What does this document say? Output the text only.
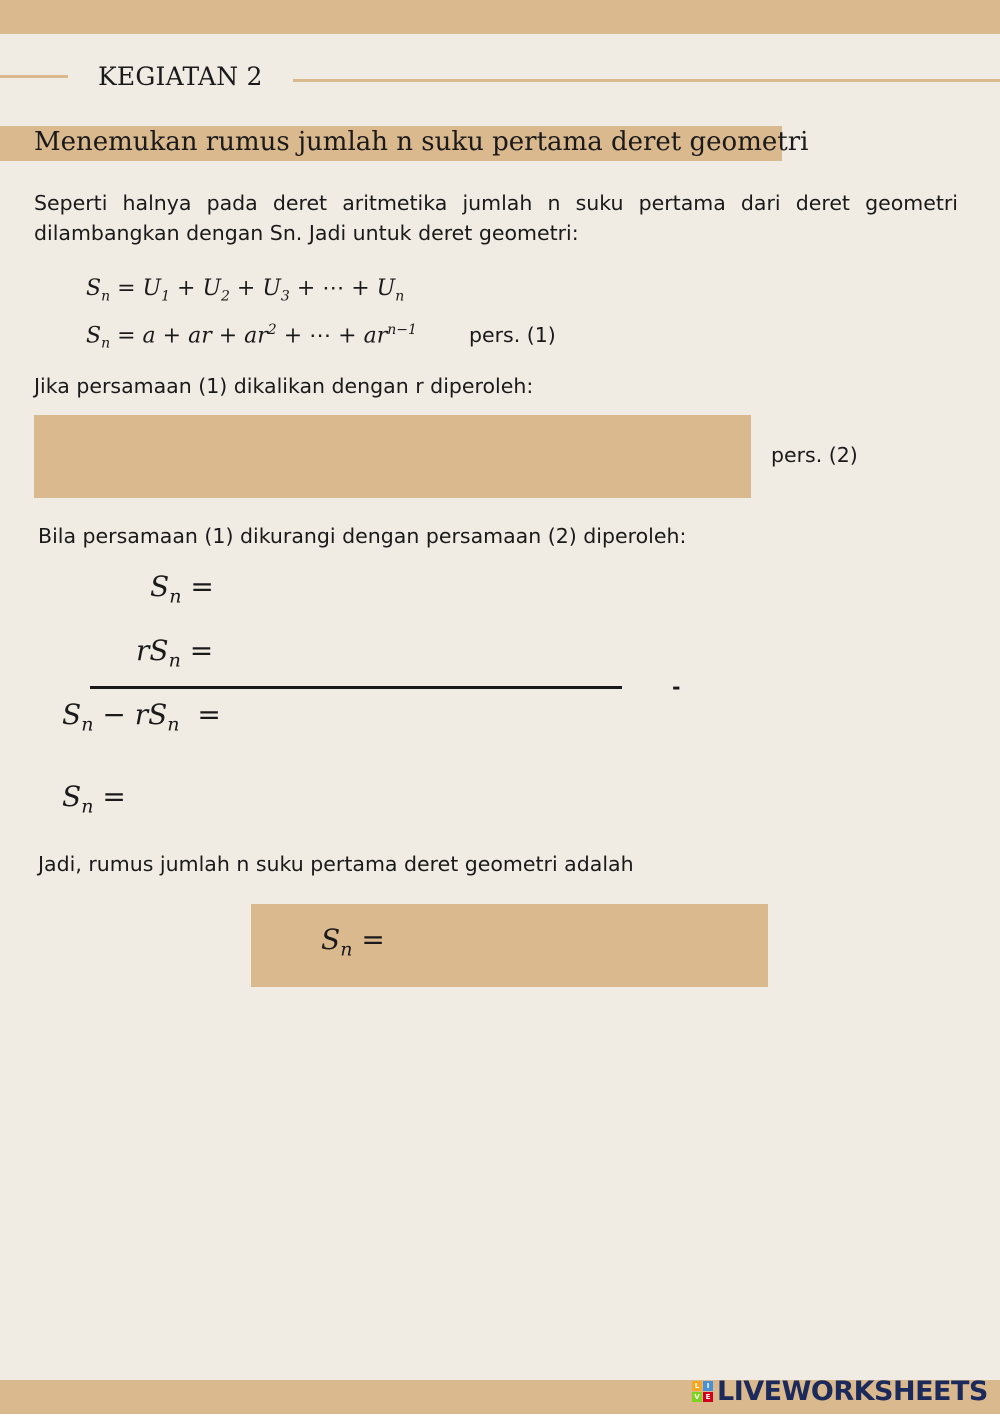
KEGIATAN 2
Menemukan rumus jumlah n suku pertama deret geometri
Seperti halnya pada deret aritmetika jumlah n suku pertama dari deret geometri dilambangkan dengan Sn. Jadi untuk deret geometri:
$S_n = U_1 + U_2 + U_3$ + ⋯ + $U_n$
$S_n = a$ + ar + $ar^2$ + ⋯ + $ar^{n-1}$	pers. (1)
Jika persamaan (1) dikalikan dengan r diperoleh:
pers. (2)
Bila persamaan (1) dikurangi dengan persamaan (2) diperoleh:
$S_n$ =
$rS_n$ =
-
$S_n - rS_n$  =
$S_n$ =
Jadi, rumus jumlah n suku pertama deret geometri adalah
$S_n$ =
L	I
V E LIVEWORKSHEETS
